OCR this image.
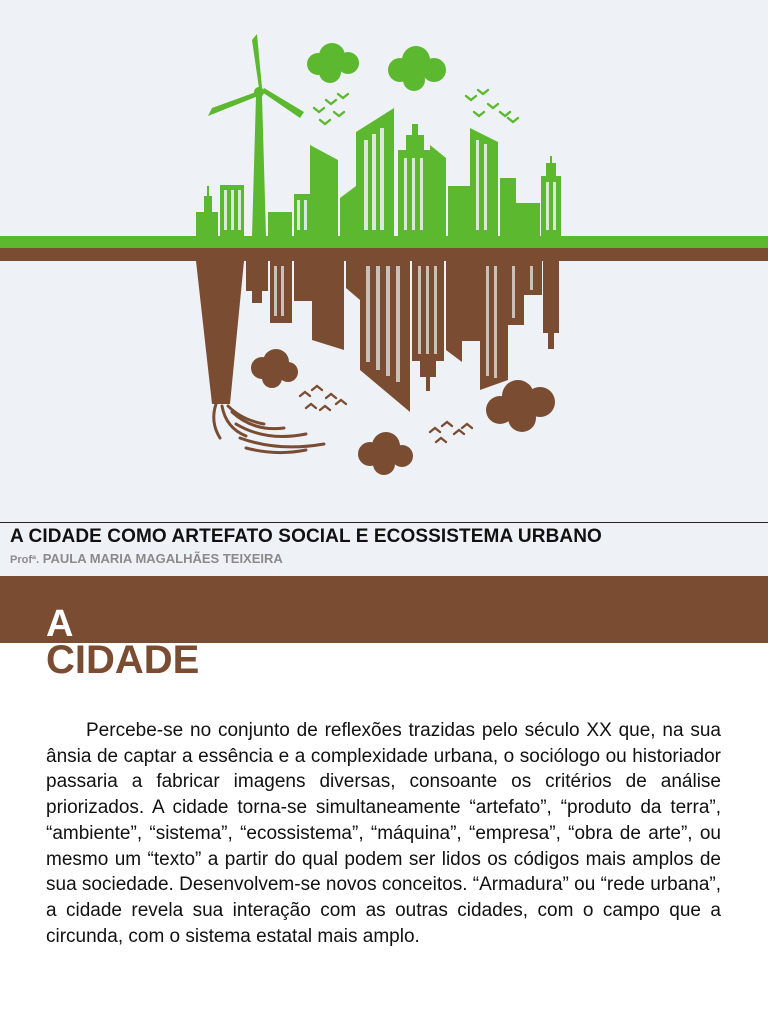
A CIDADE COMO ARTEFATO SOCIAL E ECOSSISTEMA URBANO
Profª. PAULA MARIA MAGALHÃES TEIXEIRA
A
CIDADE

Percebe-se no conjunto de reflexões trazidas pelo século XX que, na sua ânsia de captar a essência e a complexidade urbana, o sociólogo ou historiador passaria a fabricar imagens diversas, consoante os critérios de análise priorizados. A cidade torna-se simultaneamente “artefato”, “produto da terra”, “ambiente”, “sistema”, “ecossistema”, “máquina”, “empresa”, “obra de arte”, ou mesmo um “texto” a partir do qual podem ser lidos os códigos mais amplos de sua sociedade. Desenvolvem-se novos conceitos. “Armadura” ou “rede urbana”, a cidade revela sua interação com as outras cidades, com o campo que a circunda, com o sistema estatal mais amplo.
